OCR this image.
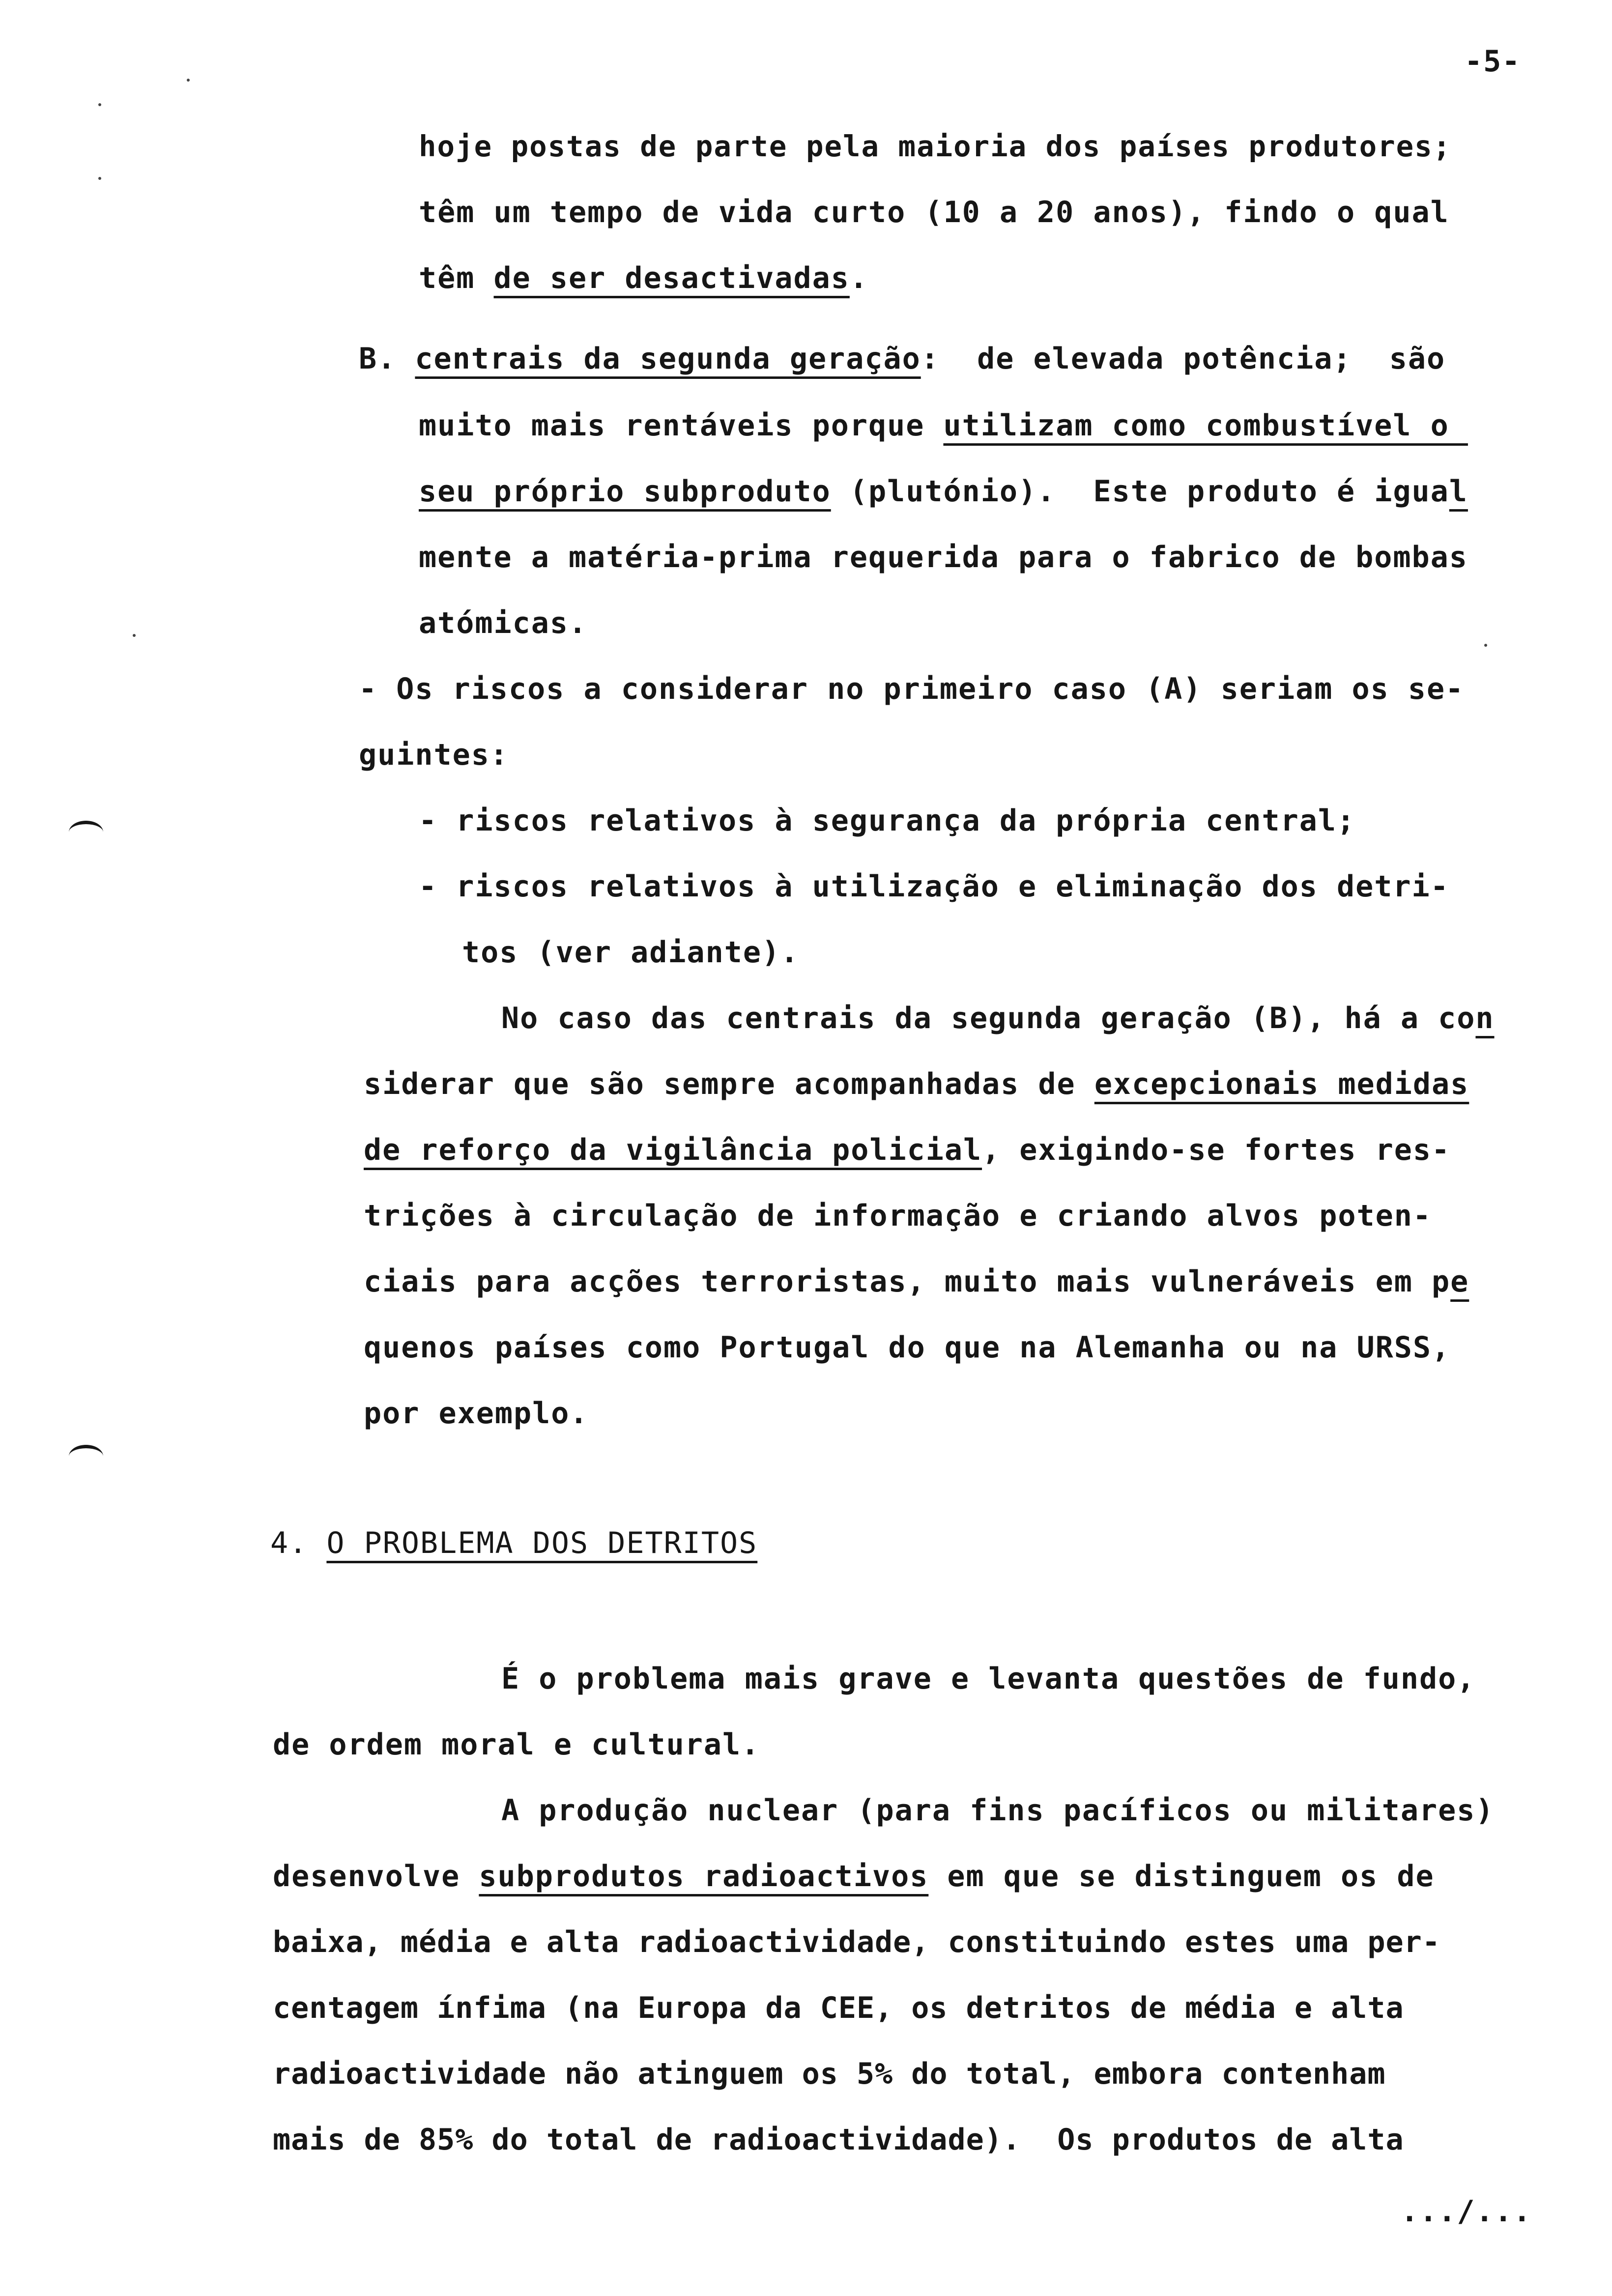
-5-
hoje postas de parte pela maioria dos países produtores;
têm um tempo de vida curto (10 a 20 anos), findo o qual
têm de ser desactivadas.
B. centrais da segunda geração:  de elevada potência;  são
muito mais rentáveis porque utilizam como combustível o
seu próprio subproduto (plutónio).  Este produto é igual
mente a matéria-prima requerida para o fabrico de bombas
atómicas.
- Os riscos a considerar no primeiro caso (A) seriam os se-
guintes:
- riscos relativos à segurança da própria central;
- riscos relativos à utilização e eliminação dos detri-
tos (ver adiante).
No caso das centrais da segunda geração (B), há a con
siderar que são sempre acompanhadas de excepcionais medidas
de reforço da vigilância policial, exigindo-se fortes res-
trições à circulação de informação e criando alvos poten-
ciais para acções terroristas, muito mais vulneráveis em pe
quenos países como Portugal do que na Alemanha ou na URSS,
por exemplo.
4. O PROBLEMA DOS DETRITOS
É o problema mais grave e levanta questões de fundo,
de ordem moral e cultural.
A produção nuclear (para fins pacíficos ou militares)
desenvolve subprodutos radioactivos em que se distinguem os de
baixa, média e alta radioactividade, constituindo estes uma per-
centagem ínfima (na Europa da CEE, os detritos de média e alta
radioactividade não atinguem os 5% do total, embora contenham
mais de 85% do total de radioactividade).  Os produtos de alta
.../...
